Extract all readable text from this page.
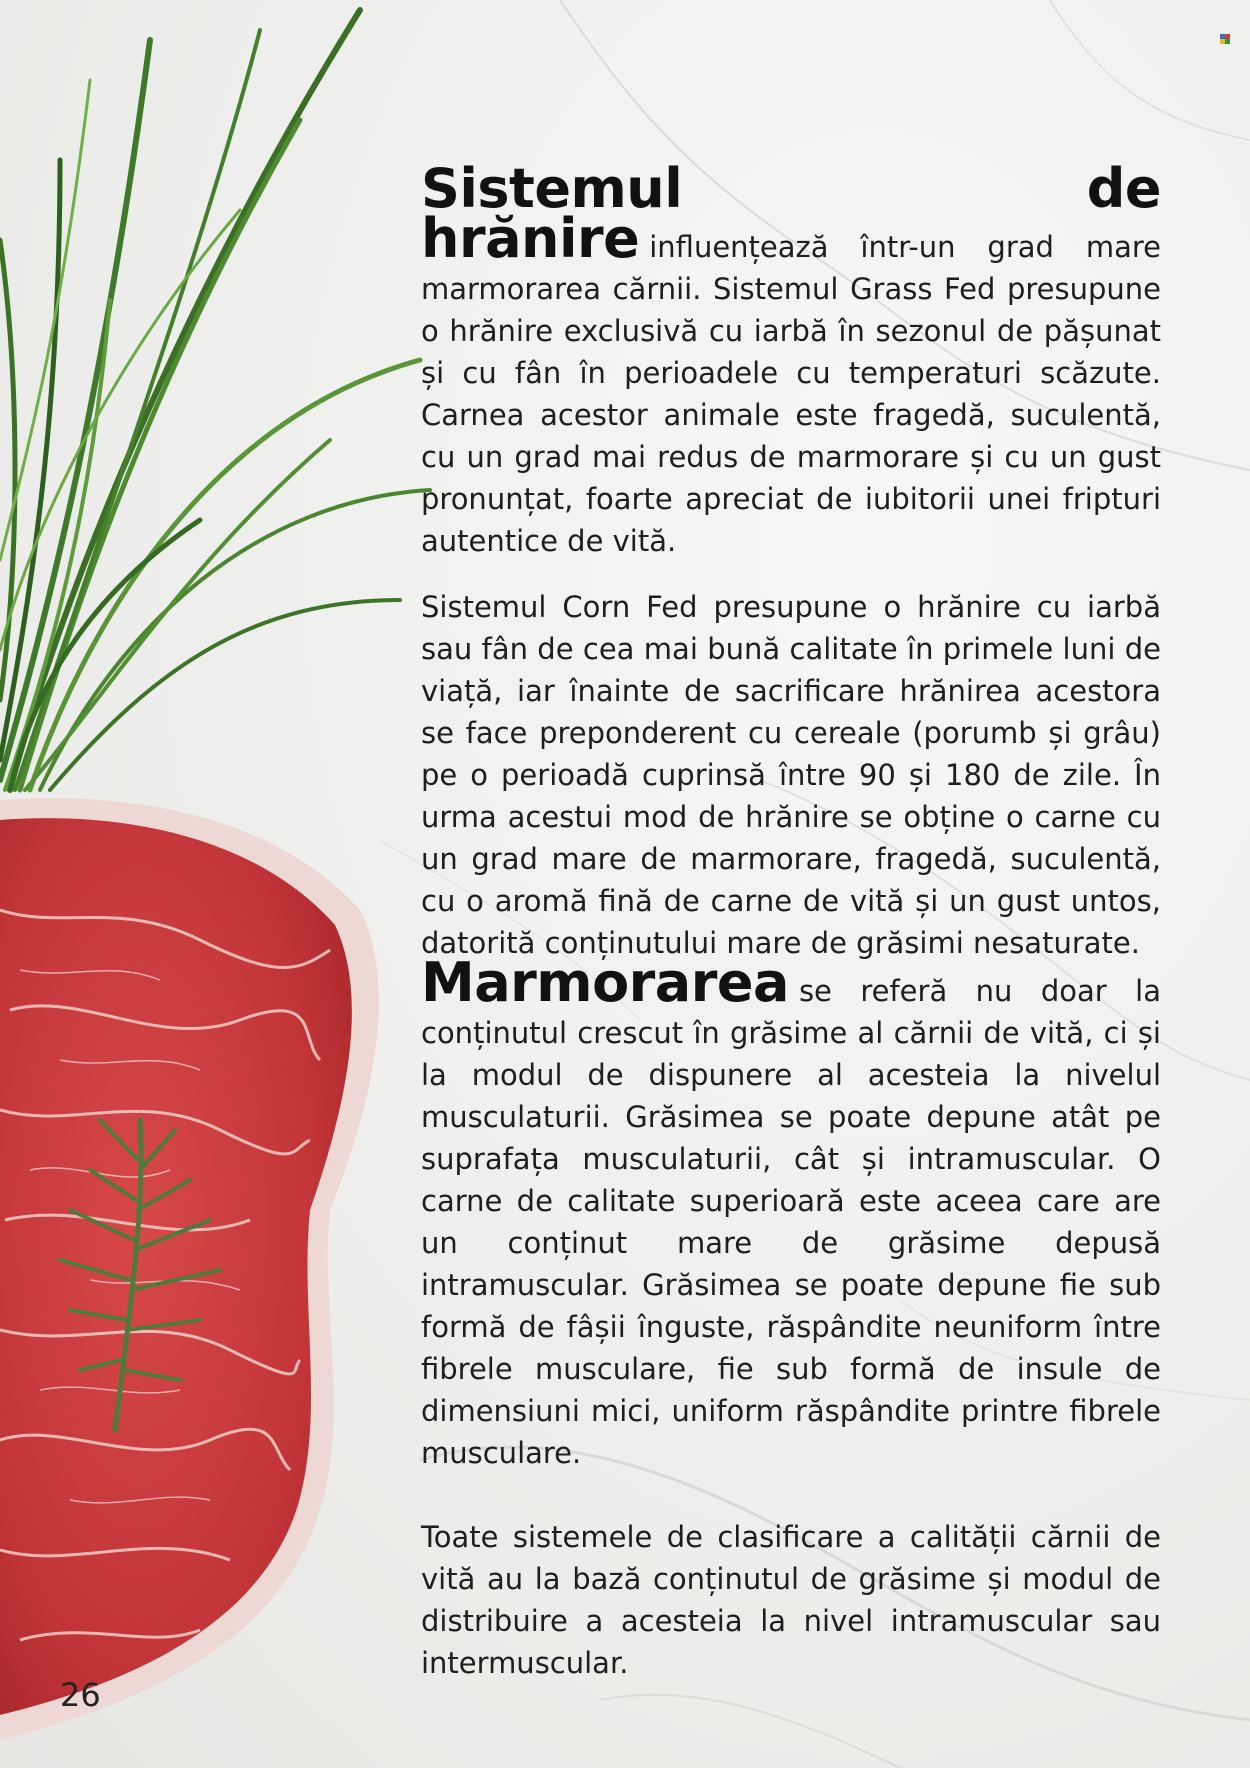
Sistemul de hrănire influențează într-un grad mare marmorarea cărnii. Sistemul Grass Fed presupune o hrănire exclusivă cu iarbă în sezonul de pășunat și cu fân în perioadele cu temperaturi scăzute. Carnea acestor animale este fragedă, suculentă, cu un grad mai redus de marmorare și cu un gust pronunțat, foarte apreciat de iubitorii unei fripturi autentice de vită.

Sistemul Corn Fed presupune o hrănire cu iarbă sau fân de cea mai bună calitate în primele luni de viață, iar înainte de sacrificare hrănirea acestora se face preponderent cu cereale (porumb și grâu) pe o perioadă cuprinsă între 90 și 180 de zile. În urma acestui mod de hrănire se obține o carne cu un grad mare de marmorare, fragedă, suculentă, cu o aromă fină de carne de vită și un gust untos, datorită conținutului mare de grăsimi nesaturate.

Marmorarea se referă nu doar la conținutul crescut în grăsime al cărnii de vită, ci și la modul de dispunere al acesteia la nivelul musculaturii. Grăsimea se poate depune atât pe suprafața musculaturii, cât și intramuscular. O carne de calitate superioară este aceea care are un conținut mare de grăsime depusă intramuscular. Grăsimea se poate depune fie sub formă de fâșii înguste, răspândite neuniform între fibrele musculare, fie sub formă de insule de dimensiuni mici, uniform răspândite printre fibrele musculare.

Toate sistemele de clasificare a calității cărnii de vită au la bază conținutul de grăsime și modul de distribuire a acesteia la nivel intramuscular sau intermuscular.

26
